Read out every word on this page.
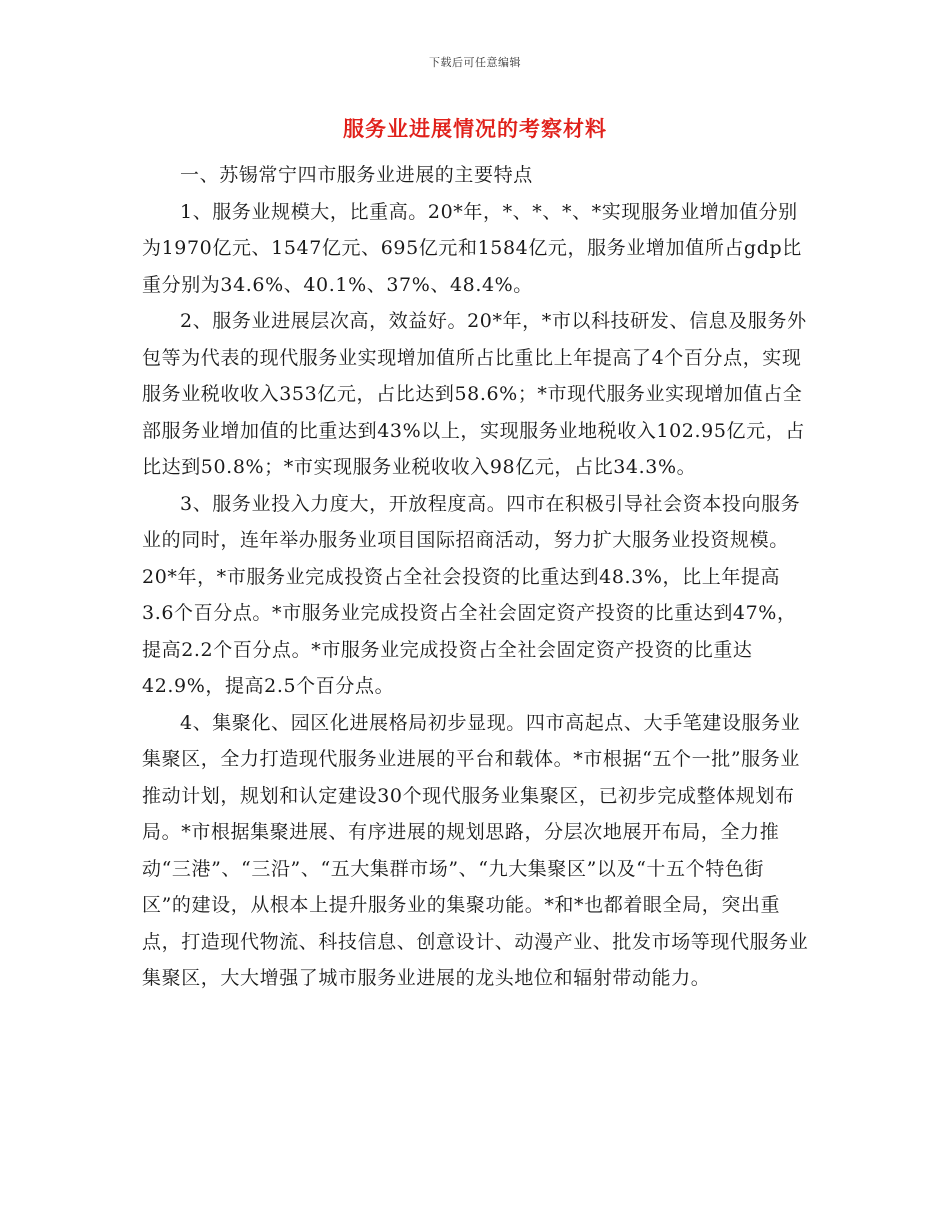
下载后可任意编辑
服务业进展情况的考察材料

一、苏锡常宁四市服务业进展的主要特点

1、服务业规模大，比重高。20*年，*、*、*、*实现服务业增加值分别为1970亿元、1547亿元、695亿元和1584亿元，服务业增加值所占gdp比重分别为34.6%、40.1%、37%、48.4%。

2、服务业进展层次高，效益好。20*年，*市以科技研发、信息及服务外包等为代表的现代服务业实现增加值所占比重比上年提高了4个百分点，实现服务业税收收入353亿元，占比达到58.6%；*市现代服务业实现增加值占全部服务业增加值的比重达到43%以上，实现服务业地税收入102.95亿元，占比达到50.8%；*市实现服务业税收收入98亿元，占比34.3%。

3、服务业投入力度大，开放程度高。四市在积极引导社会资本投向服务业的同时，连年举办服务业项目国际招商活动，努力扩大服务业投资规模。20*年，*市服务业完成投资占全社会投资的比重达到48.3%，比上年提高3.6个百分点。*市服务业完成投资占全社会固定资产投资的比重达到47%，提高2.2个百分点。*市服务业完成投资占全社会固定资产投资的比重达42.9%，提高2.5个百分点。

4、集聚化、园区化进展格局初步显现。四市高起点、大手笔建设服务业集聚区，全力打造现代服务业进展的平台和载体。*市根据“五个一批”服务业推动计划，规划和认定建设30个现代服务业集聚区，已初步完成整体规划布局。*市根据集聚进展、有序进展的规划思路，分层次地展开布局，全力推动“三港”、“三沿”、“五大集群市场”、“九大集聚区”以及“十五个特色街区”的建设，从根本上提升服务业的集聚功能。*和*也都着眼全局，突出重点，打造现代物流、科技信息、创意设计、动漫产业、批发市场等现代服务业集聚区，大大增强了城市服务业进展的龙头地位和辐射带动能力。
